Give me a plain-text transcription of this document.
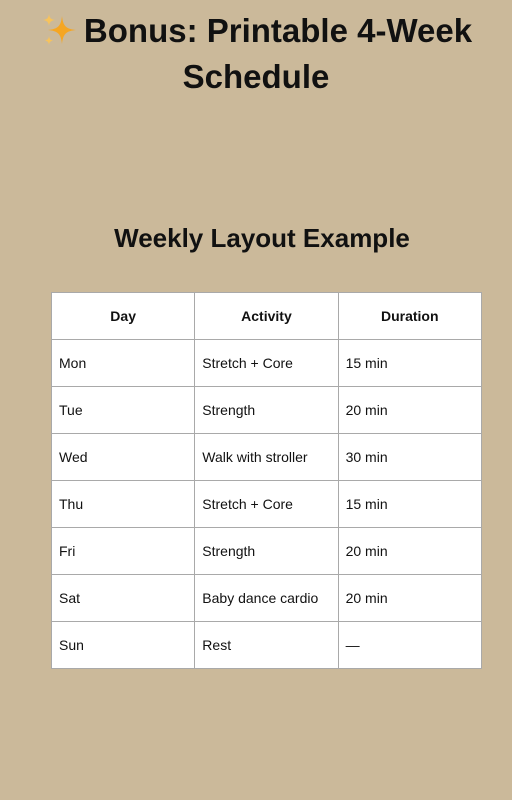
Bonus: Printable 4-Week Schedule
Weekly Layout Example
Day	Activity	Duration
Mon	Stretch + Core	15 min
Tue	Strength	20 min
Wed	Walk with stroller	30 min
Thu	Stretch + Core	15 min
Fri	Strength	20 min
Sat	Baby dance cardio	20 min
Sun	Rest	—
